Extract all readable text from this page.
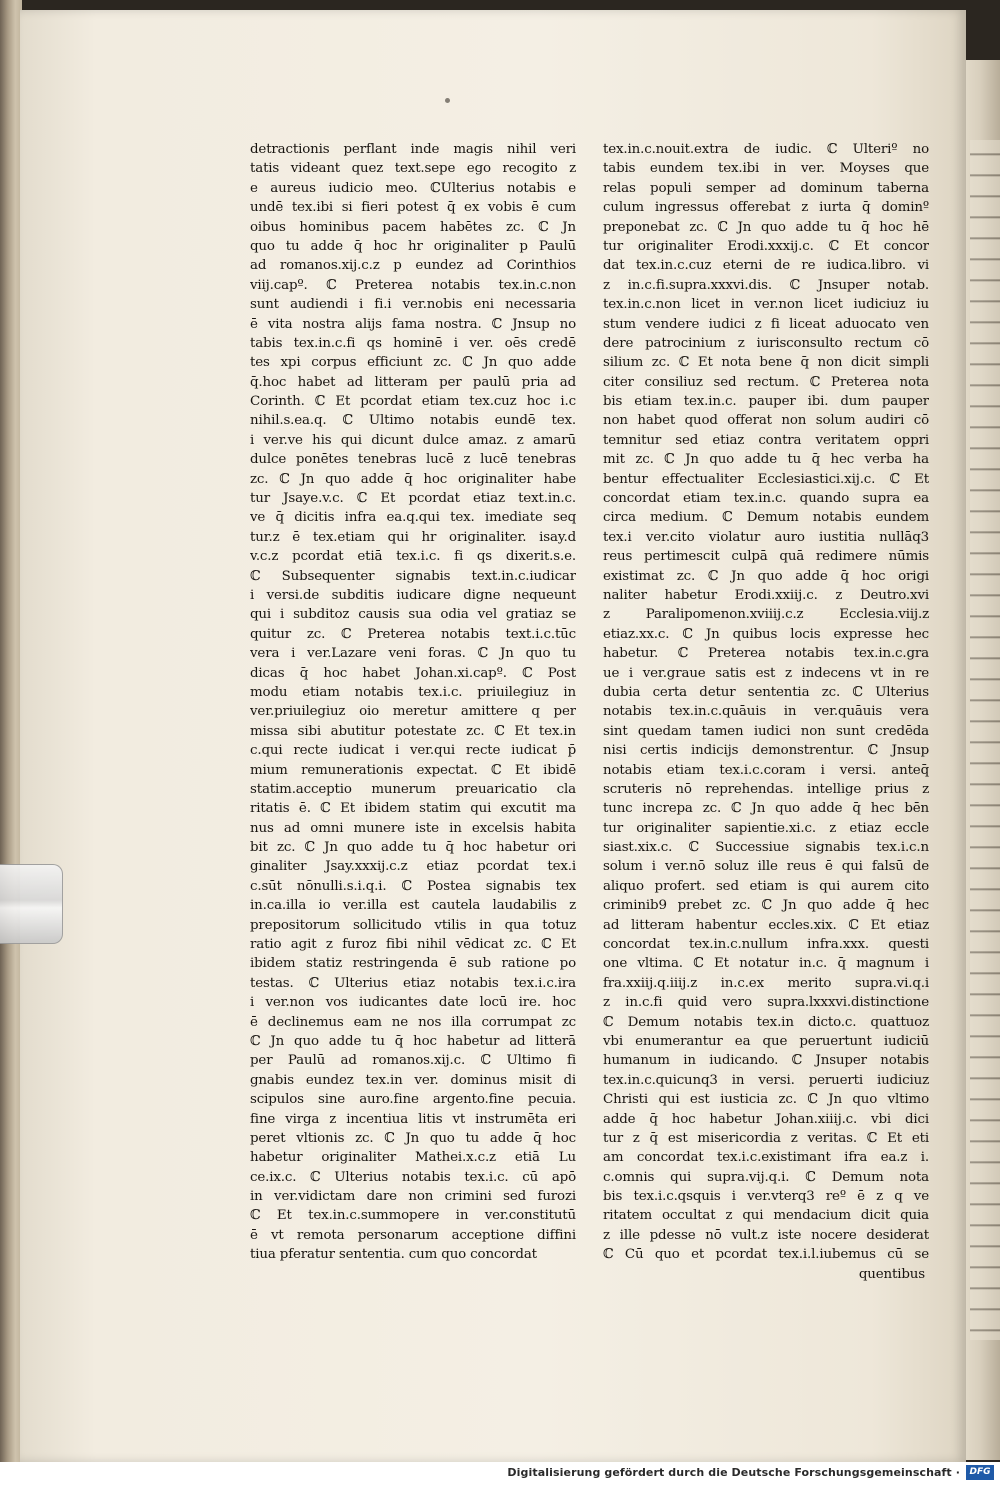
detractionis perflant inde magis nihil veri
tatis videant quez text.sepe ego recogito z
e aureus iudicio meo. ℂUlterius notabis e
undē tex.ibi si fieri potest q̄ ex vobis ē cum
oibus hominibus pacem habētes zc. ℂ Jn
quo tu adde q̄ hoc hr originaliter p Paulū
ad romanos.xij.c.z p eundez ad Corinthios
viij.capº. ℂ Preterea notabis tex.in.c.non
sunt audiendi i fi.i ver.nobis eni necessaria
ē vita nostra alijs fama nostra. ℂ Jnsup no
tabis tex.in.c.fi qs hominē i ver. oēs credē
tes xpi corpus efficiunt zc. ℂ Jn quo adde
q̄.hoc habet ad litteram per paulū pria ad
Corinth. ℂ Et pcordat etiam tex.cuz hoc i.c
nihil.s.ea.q. ℂ Ultimo notabis eundē tex.
i ver.ve his qui dicunt dulce amaz. z amarū
dulce ponētes tenebras lucē z lucē tenebras
zc. ℂ Jn quo adde q̄ hoc originaliter habe
tur Jsaye.v.c. ℂ Et pcordat etiaz text.in.c.
ve q̄ dicitis infra ea.q.qui tex. imediate seq
tur.z ē tex.etiam qui hr originaliter. isay.d
v.c.z pcordat etiā tex.i.c. fi qs dixerit.s.e.
ℂ Subsequenter signabis text.in.c.iudicar
i versi.de subditis iudicare digne nequeunt
qui i subditoz causis sua odia vel gratiaz se
quitur zc. ℂ Preterea notabis text.i.c.tūc
vera i ver.Lazare veni foras. ℂ Jn quo tu
dicas q̄ hoc habet Johan.xi.capº. ℂ Post
modu etiam notabis tex.i.c. priuilegiuz in
ver.priuilegiuz oio meretur amittere q per
missa sibi abutitur potestate zc. ℂ Et tex.in
c.qui recte iudicat i ver.qui recte iudicat p̄
mium remunerationis expectat. ℂ Et ibidē
statim.acceptio munerum preuaricatio cla
ritatis ē. ℂ Et ibidem statim qui excutit ma
nus ad omni munere iste in excelsis habita
bit zc. ℂ Jn quo adde tu q̄ hoc habetur ori
ginaliter Jsay.xxxij.c.z etiaz pcordat tex.i
c.sūt nōnulli.s.i.q.i. ℂ Postea signabis tex
in.ca.illa io ver.illa est cautela laudabilis z
prepositorum sollicitudo vtilis in qua totuz
ratio agit z furoz fibi nihil vēdicat zc. ℂ Et
ibidem statiz restringenda ē sub ratione po
testas. ℂ Ulterius etiaz notabis tex.i.c.ira
i ver.non vos iudicantes date locū ire. hoc
ē declinemus eam ne nos illa corrumpat zc
ℂ Jn quo adde tu q̄ hoc habetur ad litterā
per Paulū ad romanos.xij.c. ℂ Ultimo fi
gnabis eundez tex.in ver. dominus misit di
scipulos sine auro.fine argento.fine pecuia.
fine virga z incentiua litis vt instrumēta eri
peret vltionis zc. ℂ Jn quo tu adde q̄ hoc
habetur originaliter Mathei.x.c.z etiā Lu
ce.ix.c. ℂ Ulterius notabis tex.i.c. cū apō
in ver.vidictam dare non crimini sed furozi
ℂ Et tex.in.c.summopere in ver.constitutū
ē vt remota personarum acceptione diffini
tiua pferatur sententia. cum quo concordat
tex.in.c.nouit.extra de iudic. ℂ Ulteriº no
tabis eundem tex.ibi in ver. Moyses que
relas populi semper ad dominum taberna
culum ingressus offerebat z iurta q̄ dominº
preponebat zc. ℂ Jn quo adde tu q̄ hoc hē
tur originaliter Erodi.xxxij.c. ℂ Et concor
dat tex.in.c.cuz eterni de re iudica.libro. vi
z in.c.fi.supra.xxxvi.dis. ℂ Jnsuper notab.
tex.in.c.non licet in ver.non licet iudiciuz iu
stum vendere iudici z fi liceat aduocato ven
dere patrocinium z iurisconsulto rectum cō
silium zc. ℂ Et nota bene q̄ non dicit simpli
citer consiliuz sed rectum. ℂ Preterea nota
bis etiam tex.in.c. pauper ibi. dum pauper
non habet quod offerat non solum audiri cō
temnitur sed etiaz contra veritatem oppri
mit zc. ℂ Jn quo adde tu q̄ hec verba ha
bentur effectualiter Ecclesiastici.xij.c. ℂ Et
concordat etiam tex.in.c. quando supra ea
circa medium. ℂ Demum notabis eundem
tex.i ver.cito violatur auro iustitia nullāq3
reus pertimescit culpā quā redimere nūmis
existimat zc. ℂ Jn quo adde q̄ hoc origi
naliter habetur Erodi.xxiij.c. z Deutro.xvi
z Paralipomenon.xviiij.c.z Ecclesia.viij.z
etiaz.xx.c. ℂ Jn quibus locis expresse hec
habetur. ℂ Preterea notabis tex.in.c.gra
ue i ver.graue satis est z indecens vt in re
dubia certa detur sententia zc. ℂ Ulterius
notabis tex.in.c.quāuis in ver.quāuis vera
sint quedam tamen iudici non sunt credēda
nisi certis indicijs demonstrentur. ℂ Jnsup
notabis etiam tex.i.c.coram i versi. anteq̄
scruteris nō reprehendas. intellige prius z
tunc increpa zc. ℂ Jn quo adde q̄ hec bēn
tur originaliter sapientie.xi.c. z etiaz eccle
siast.xix.c. ℂ Successiue signabis tex.i.c.n
solum i ver.nō soluz ille reus ē qui falsū de
aliquo profert. sed etiam is qui aurem cito
criminib9 prebet zc. ℂ Jn quo adde q̄ hec
ad litteram habentur eccles.xix. ℂ Et etiaz
concordat tex.in.c.nullum infra.xxx. questi
one vltima. ℂ Et notatur in.c. q̄ magnum i
fra.xxiij.q.iiij.z in.c.ex merito supra.vi.q.i
z in.c.fi quid vero supra.lxxxvi.distinctione
ℂ Demum notabis tex.in dicto.c. quattuoz
vbi enumerantur ea que peruertunt iudiciū
humanum in iudicando. ℂ Jnsuper notabis
tex.in.c.quicunq3 in versi. peruerti iudiciuz
Christi qui est iusticia zc. ℂ Jn quo vltimo
adde q̄ hoc habetur Johan.xiiij.c. vbi dici
tur z q̄ est misericordia z veritas. ℂ Et eti
am concordat tex.i.c.existimant ifra ea.z i.
c.omnis qui supra.vij.q.i. ℂ Demum nota
bis tex.i.c.qsquis i ver.vterq3 reº ē z q ve
ritatem occultat z qui mendacium dicit quia
z ille pdesse nō vult.z iste nocere desiderat
ℂ Cū quo et pcordat tex.i.l.iubemus cū se
quentibus
Digitalisierung gefördert durch die Deutsche Forschungsgemeinschaft ·	DFG
